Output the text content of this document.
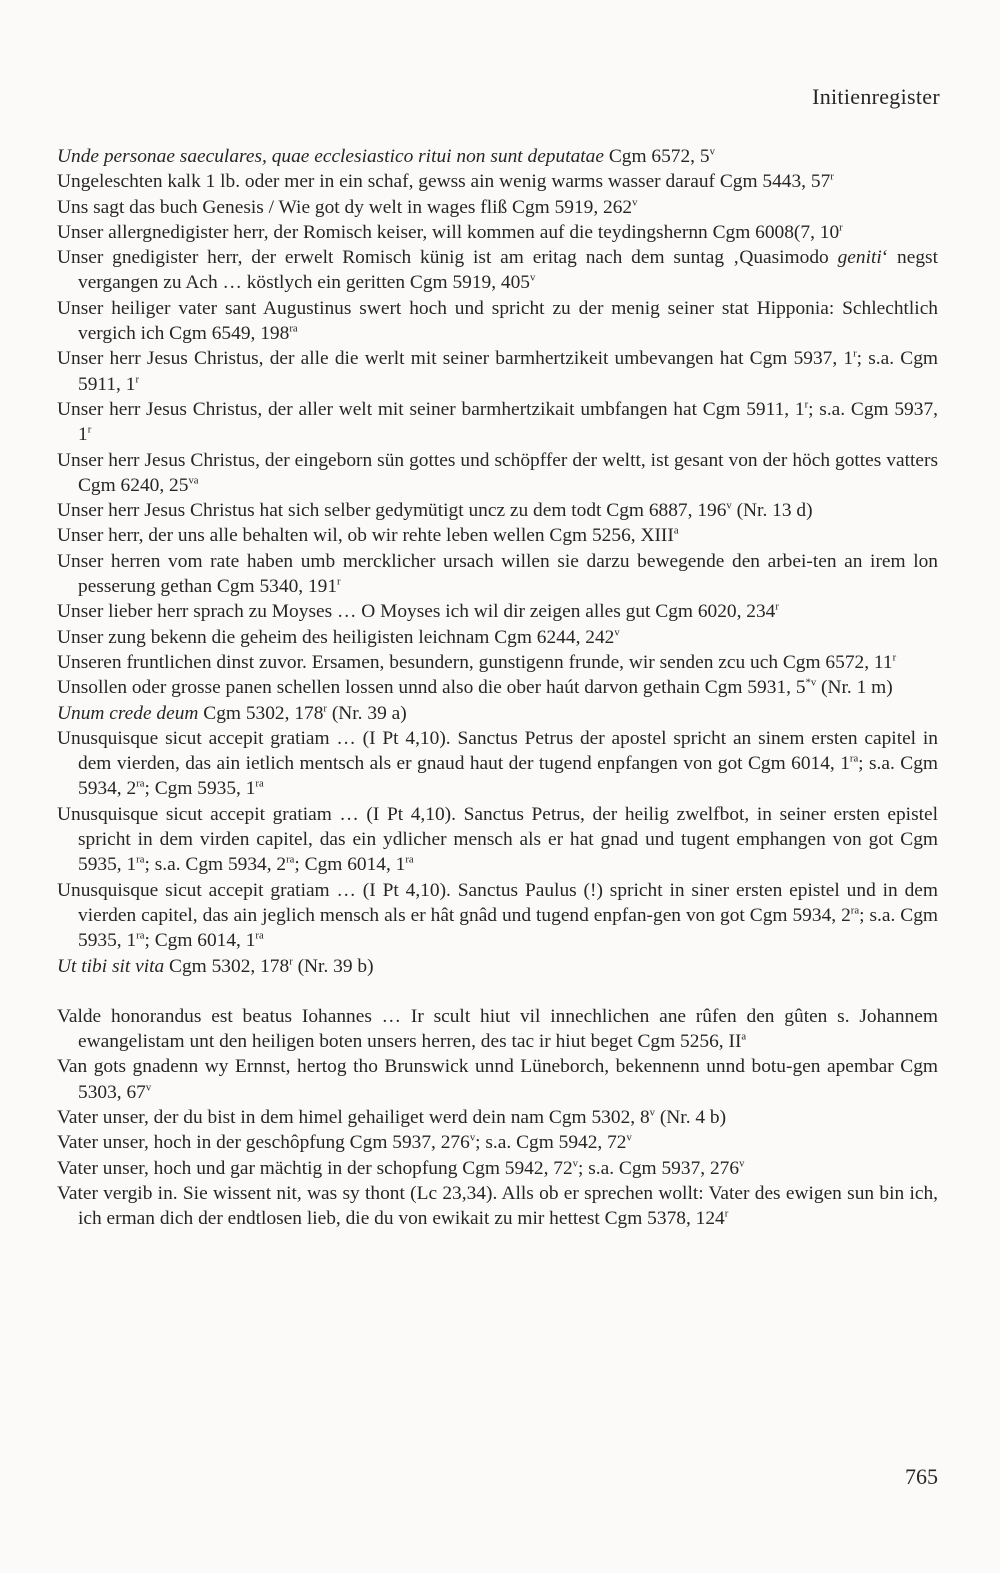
Initienregister
Unde personae saeculares, quae ecclesiastico ritui non sunt deputatae Cgm 6572, 5$^v$
Ungeleschten kalk 1 lb. oder mer in ein schaf, gewss ain wenig warms wasser darauf Cgm 5443, 57$^r$
Uns sagt das buch Genesis / Wie got dy welt in wages fliß Cgm 5919, 262$^v$
Unser allergnedigister herr, der Romisch keiser, will kommen auf die teydingshernn Cgm 6008(7, 10$^r$
Unser gnedigister herr, der erwelt Romisch künig ist am eritag nach dem suntag ‚Quasimodo geniti‘ negst vergangen zu Ach … köstlych ein geritten Cgm 5919, 405$^v$
Unser heiliger vater sant Augustinus swert hoch und spricht zu der menig seiner stat Hipponia: Schlechtlich vergich ich Cgm 6549, $198^{ra}$
Unser herr Jesus Christus, der alle die werlt mit seiner barmhertzikeit umbevangen hat Cgm 5937, 1$^r$; s.a. Cgm 5911, 1$^r$
Unser herr Jesus Christus, der aller welt mit seiner barmhertzikait umbfangen hat Cgm 5911, 1$^r$; s.a. Cgm 5937, 1$^r$
Unser herr Jesus Christus, der eingeborn sün gottes und schöpffer der weltt, ist gesant von der höch gottes vatters Cgm 6240, $25^{va}$
Unser herr Jesus Christus hat sich selber gedymütigt uncz zu dem todt Cgm 6887, 196$^v$ (Nr. 13 d)
Unser herr, der uns alle behalten wil, ob wir rehte leben wellen Cgm 5256, XIII$^a$
Unser herren vom rate haben umb mercklicher ursach willen sie darzu bewegende den arbei-ten an irem lon pesserung gethan Cgm 5340, 191$^r$
Unser lieber herr sprach zu Moyses … O Moyses ich wil dir zeigen alles gut Cgm 6020, 234$^r$
Unser zung bekenn die geheim des heiligisten leichnam Cgm 6244, 242$^v$
Unseren fruntlichen dinst zuvor. Ersamen, besundern, gunstigenn frunde, wir senden zcu uch Cgm 6572, 11$^r$
Unsollen oder grosse panen schellen lossen unnd also die ober haút darvon gethain Cgm 5931, 5$^{*v}$ (Nr. 1 m)
Unum crede deum Cgm 5302, 178$^r$ (Nr. 39 a)
Unusquisque sicut accepit gratiam … (I Pt 4,10). Sanctus Petrus der apostel spricht an sinem ersten capitel in dem vierden, das ain ietlich mentsch als er gnaud haut der tugend enpfangen von got Cgm 6014, $1^{ra}$; s.a. Cgm 5934, $2^{ra}$; Cgm 5935, $1^{ra}$
Unusquisque sicut accepit gratiam … (I Pt 4,10). Sanctus Petrus, der heilig zwelfbot, in seiner ersten epistel spricht in dem virden capitel, das ein ydlicher mensch als er hat gnad und tugent emphangen von got Cgm 5935, $1^{ra}$; s.a. Cgm 5934, $2^{ra}$; Cgm 6014, $1^{ra}$
Unusquisque sicut accepit gratiam … (I Pt 4,10). Sanctus Paulus (!) spricht in siner ersten epistel und in dem vierden capitel, das ain jeglich mensch als er hât gnâd und tugend enpfan-gen von got Cgm 5934, $2^{ra}$; s.a. Cgm 5935, $1^{ra}$; Cgm 6014, $1^{ra}$
Ut tibi sit vita Cgm 5302, 178$^r$ (Nr. 39 b)
Valde honorandus est beatus Iohannes … Ir scult hiut vil innechlichen ane rûfen den gûten s. Johannem ewangelistam unt den heiligen boten unsers herren, des tac ir hiut beget Cgm 5256, $II^a$
Van gots gnadenn wy Ernnst, hertog tho Brunswick unnd Lüneborch, bekennenn unnd botu-gen apembar Cgm 5303, 67$^v$
Vater unser, der du bist in dem himel gehailiget werd dein nam Cgm 5302, 8$^v$ (Nr. 4 b)
Vater unser, hoch in der geschôpfung Cgm 5937, 276$^v$; s.a. Cgm 5942, 72$^v$
Vater unser, hoch und gar mächtig in der schopfung Cgm 5942, 72$^v$; s.a. Cgm 5937, 276$^v$
Vater vergib in. Sie wissent nit, was sy thont (Lc 23,34). Alls ob er sprechen wollt: Vater des ewigen sun bin ich, ich erman dich der endtlosen lieb, die du von ewikait zu mir hettest Cgm 5378, 124$^r$
765
